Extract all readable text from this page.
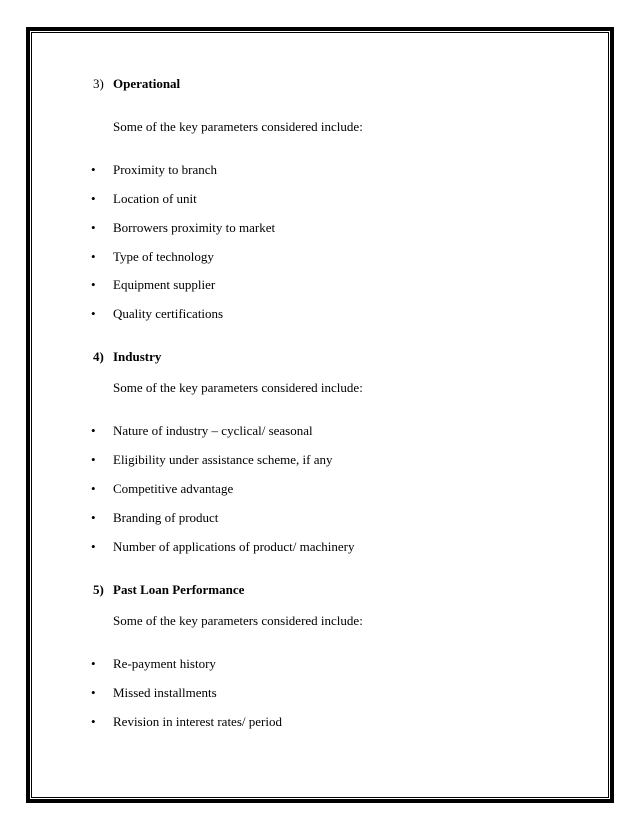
3) Operational
Some of the key parameters considered include:
• Proximity to branch
• Location of unit
• Borrowers proximity to market
• Type of technology
• Equipment supplier
• Quality certifications
4) Industry
Some of the key parameters considered include:
• Nature of industry – cyclical/ seasonal
• Eligibility under assistance scheme, if any
• Competitive advantage
• Branding of product
• Number of applications of product/ machinery
5) Past Loan Performance
Some of the key parameters considered include:
• Re-payment history
• Missed installments
• Revision in interest rates/ period
